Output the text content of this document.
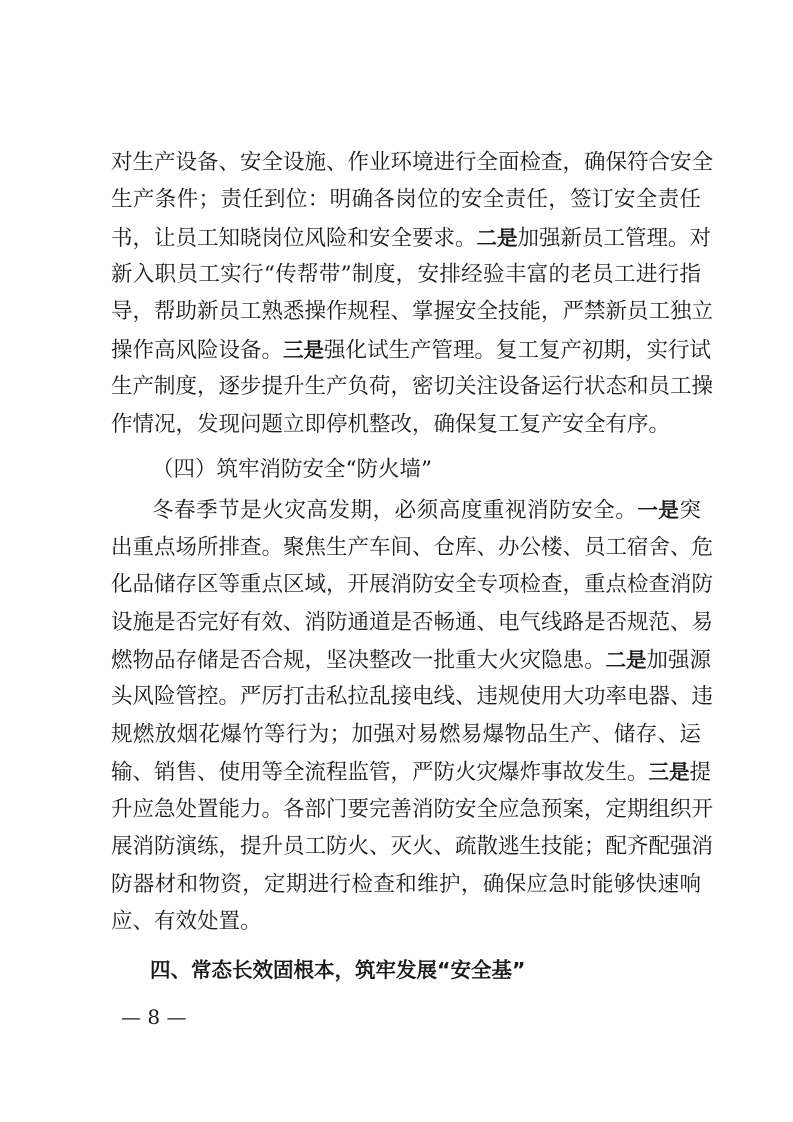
对生产设备、安全设施、作业环境进行全面检查，确保符合安全
生产条件；责任到位：明确各岗位的安全责任，签订安全责任
书，让员工知晓岗位风险和安全要求。二是加强新员工管理。对
新入职员工实行“传帮带”制度，安排经验丰富的老员工进行指
导，帮助新员工熟悉操作规程、掌握安全技能，严禁新员工独立
操作高风险设备。三是强化试生产管理。复工复产初期，实行试
生产制度，逐步提升生产负荷，密切关注设备运行状态和员工操
作情况，发现问题立即停机整改，确保复工复产安全有序。
（四）筑牢消防安全“防火墙”
冬春季节是火灾高发期，必须高度重视消防安全。一是突
出重点场所排查。聚焦生产车间、仓库、办公楼、员工宿舍、危
化品储存区等重点区域，开展消防安全专项检查，重点检查消防
设施是否完好有效、消防通道是否畅通、电气线路是否规范、易
燃物品存储是否合规，坚决整改一批重大火灾隐患。二是加强源
头风险管控。严厉打击私拉乱接电线、违规使用大功率电器、违
规燃放烟花爆竹等行为；加强对易燃易爆物品生产、储存、运
输、销售、使用等全流程监管，严防火灾爆炸事故发生。三是提
升应急处置能力。各部门要完善消防安全应急预案，定期组织开
展消防演练，提升员工防火、灭火、疏散逃生技能；配齐配强消
防器材和物资，定期进行检查和维护，确保应急时能够快速响
应、有效处置。
四、常态长效固根本，筑牢发展“安全基”
— 8 —
